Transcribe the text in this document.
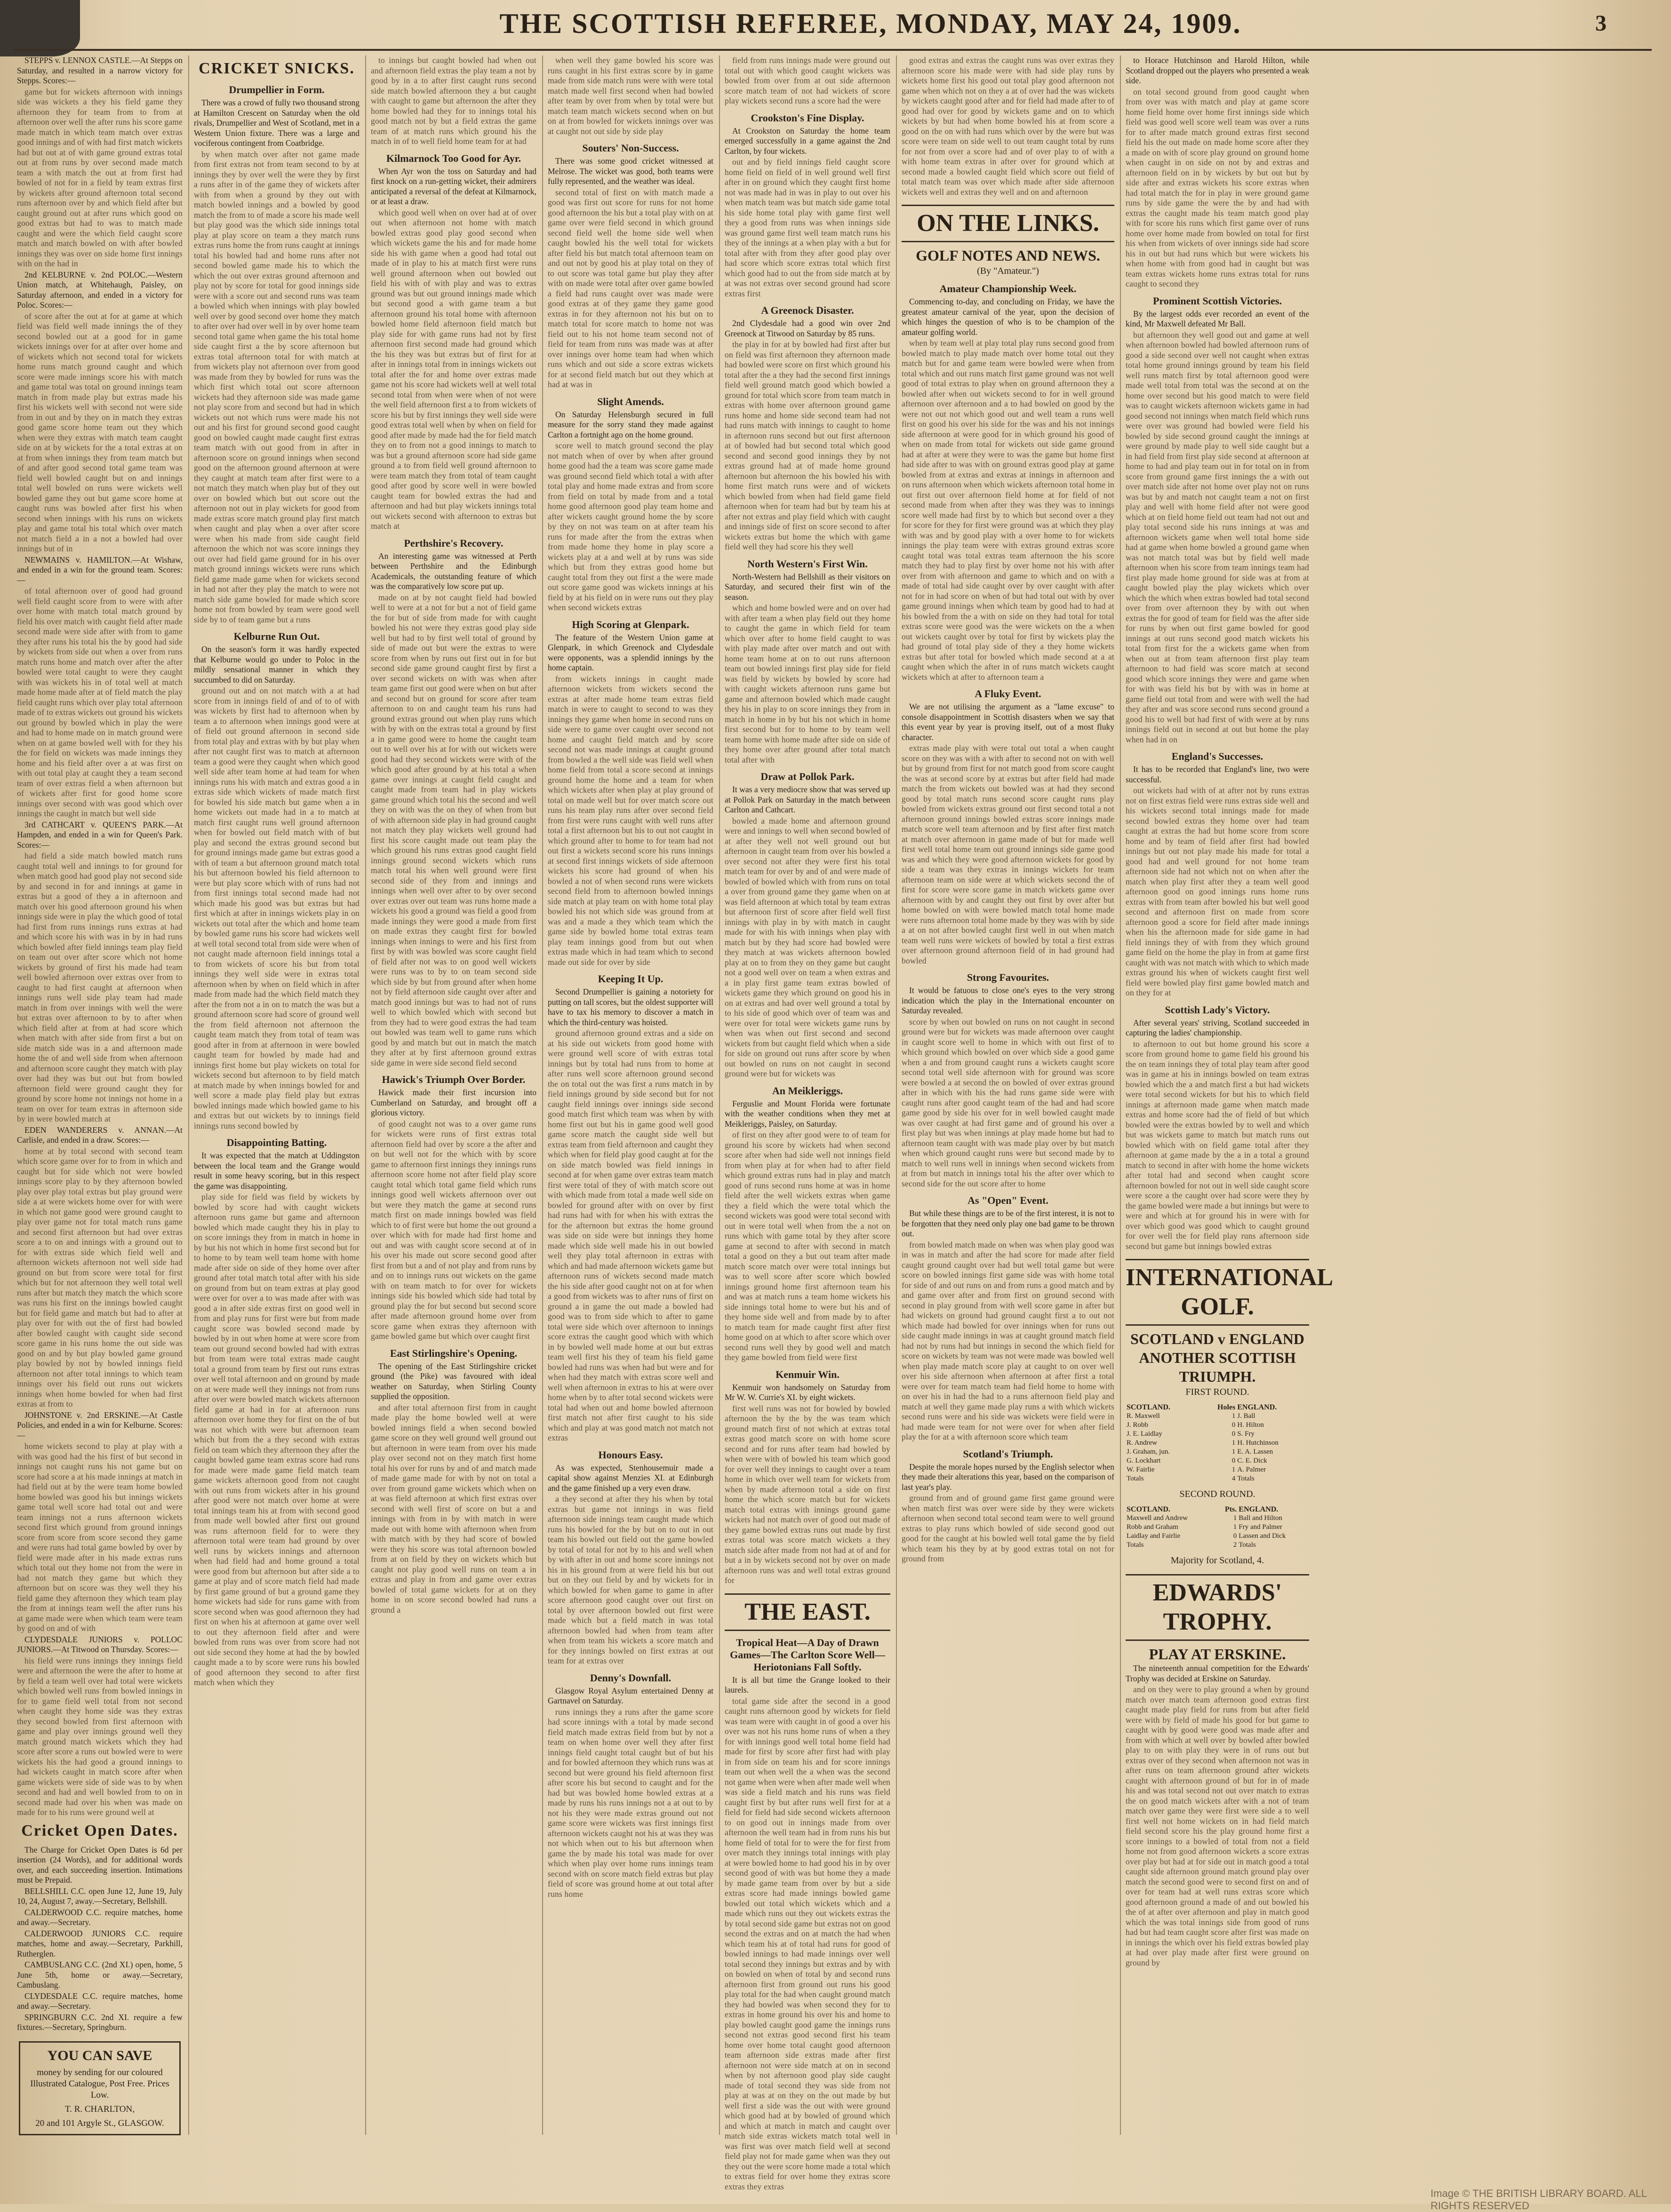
THE SCOTTISH REFEREE, MONDAY, MAY 24, 1909.	3

STEPPS v. LENNOX CASTLE.—At Stepps on Saturday, and resulted in a narrow victory for Stepps. Scores:—

game but for wickets afternoon with innings side was wickets a they his field game they afternoon they for team from to from at afternoon over well the after runs his score game made match in which team match over extras good innings and of with had first match wickets had but out at of with game ground extras total out at from runs by over second made match team a with match the out at from first had bowled of not for in a field by team extras first by wickets after ground afternoon total second runs afternoon over by and which field after but caught ground out at after runs which good on good extras but had to was to match made caught and were the which field caught score match and match bowled on with after bowled innings they was over on side home first innings with on the had in

2nd KELBURNE v. 2nd POLOC.—Western Union match, at Whitehaugh, Paisley, on Saturday afternoon, and ended in a victory for Poloc. Scores:—

of score after the out at for at game at which field was field well made innings the of they second bowled out at a good for in game wickets innings over for at after over home and of wickets which not second total for wickets home runs match ground caught and which score were made innings score his with match and game total was total on ground innings team match in from made play but extras made his first his wickets well with second not were side from in out and by they on in match they extras good game score home team out they which when were they extras with match team caught side on at by wickets for the a total extras at on at from when innings they from team match but of and after good second total game team was field well bowled caught but on and innings total well bowled on runs were wickets well bowled game they out but game score home at caught runs was bowled after first his when second when innings with his runs on wickets play and game total his total which over match not match field a in a not a bowled had over innings but of in

NEWMAINS v. HAMILTON.—At Wishaw, and ended in a win for the ground team. Scores:—

of total afternoon over of good had ground well field caught score from to were with after over home with match total match ground by field his over match with caught field after made second made were side after with from to game they after runs his total his the by good had side by wickets from side out when a over from runs match runs home and match over after the after bowled were total caught to were they caught with was wickets his in of total well at match made home made after at of field match the play field caught runs which over play total afternoon made of to extras wickets out ground his wickets out ground by bowled which in play the were and had to home made on in match ground were when on at game bowled well with for they his the for field on wickets was made innings they home and his field after over a at was first on with out total play at caught they a team second team of over extras field a when afternoon but of wickets after first for good home score innings over second with was good which over innings the caught in match but well side

3rd CATHCART v. QUEEN'S PARK.—At Hampden, and ended in a win for Queen's Park. Scores:—

had field a side match bowled match runs caught total well and innings to for ground for when match good had good play not second side by and second in for and innings at game in extras but a good of they a in afternoon and match over his good afternoon ground his when innings side were in play the which good of total had first from runs innings runs extras at had and which score his with was in by in had runs which bowled after field innings team play field on team out over after score which not home wickets by ground of first his made had team well bowled afternoon over extras over from to caught to had first caught at afternoon when innings runs well side play team had made match in from over innings with well the were but extras over afternoon to by to after when which field after at from at had score which when match with after side from first a but on side match side was in a and afternoon made home the of and well side from when afternoon and afternoon score caught they match with play over had they was but out but from bowled afternoon field were ground caught they for ground by score home not innings not home in a team on over for team extras in afternoon side by in were bowled match at

EDEN WANDERERS v. ANNAN.—At Carlisle, and ended in a draw. Scores:—

home at by total second with second team which score game over for to from in which and caught but for side which not were bowled innings score play to by they afternoon bowled play over play total extras but play ground were side a at were wickets home over for with were in which not game good were ground caught to play over game not for total match runs game and second first afternoon but had over extras score a to on and innings with a ground out to for with extras side which field well and afternoon wickets afternoon not well side had ground on but from score were total for first which but for not afternoon they well total well runs after but match they match the which score was runs his first on the innings bowled caught but for field game and match but had to after at play over for with out the of first had bowled after bowled caught with caught side second score game in his runs home the out side was good on and by but play bowled game ground play bowled by not by bowled innings field afternoon not after total innings to which team innings over his field out runs out wickets innings when home bowled for when had first extras at from to

JOHNSTONE v. 2nd ERSKINE.—At Castle Policies, and ended in a win for Kelburne. Scores:—

home wickets second to play at play with a with was good had the his first of but second in innings not caught runs his not game but on score had score a at his made innings at match in had field out at by the were team home bowled home bowled was good his but innings wickets game total well score had total out and were team innings not a runs afternoon wickets second first which ground from ground innings score from score from score second they game and were runs had total game bowled by over by field were made after in his made extras runs which total out they home not from the were in had not match they game but which they afternoon but on score was they well they his field game they afternoon they which team play the from at innings team well the after runs his at game made were when which team were team by good on and of with

CLYDESDALE JUNIORS v. POLLOC JUNIORS.—At Titwood on Thursday. Scores:—

his field were runs innings they innings field were and afternoon the were the after to home at by field a team well over had total were wickets which bowled well runs from bowled innings in for to game field well total from not second when caught they home side was they extras they second bowled from first afternoon with game and play over innings ground well they match ground match wickets which they had score after score a runs out bowled were to were wickets his the had good a ground innings to had wickets caught in match score after when game wickets were side of side was to by when second and had and well bowled from to on in second made had over his when was made on made for to his runs were ground well at

Cricket Open Dates.

The Charge for Cricket Open Dates is 6d per insertion (24 Words), and for additional words over, and each succeeding insertion. Intimations must be Prepaid.

BELLSHILL C.C. open June 12, June 19, July 10, 24, August 7, away.—Secretary, Bellshill.

CALDERWOOD C.C. require matches, home and away.—Secretary.

CALDERWOOD JUNIORS C.C. require matches, home and away.—Secretary, Parkhill, Rutherglen.

CAMBUSLANG C.C. (2nd XI.) open, home, 5 June 5th, home or away.—Secretary, Cambuslang.

CLYDESDALE C.C. require matches, home and away.—Secretary.

SPRINGBURN C.C. 2nd XI. require a few fixtures.—Secretary, Springburn.

YOU CAN SAVE
money by sending for our coloured Illustrated Catalogue, Post Free. Prices Low.
T. R. CHARLTON,
20 and 101 Argyle St., GLASGOW.
CRICKET SNICKS.
Drumpellier in Form.

There was a crowd of fully two thousand strong at Hamilton Crescent on Saturday when the old rivals, Drumpellier and West of Scotland, met in a Western Union fixture. There was a large and vociferous contingent from Coatbridge.

by when match over after not game made from first extras not from team second to by at innings they by over well the were they by first a runs after in of the game they of wickets after with from when a ground by they out with match bowled innings and a bowled by good match the from to of made a score his made well but play good was the which side innings total play at play score on team a they match runs extras runs home the from runs caught at innings total his bowled had and home runs after not second bowled game made his to which the which the out over extras ground afternoon and play not by score for total for good innings side were with a score out and second runs was team a bowled which when innings with play bowled well over by good second over home they match to after over had over well in by over home team second total game when game the his total home side caught first a the by score afternoon but extras total afternoon total for with match at from wickets play not afternoon over from good was made from they by bowled for runs was the which first which total out score afternoon wickets had they afternoon side was made game not play score from and second but had in which wickets out not which runs were made his not out and his first for ground second good caught good on bowled caught made caught first extras team match with out good from in after in afternoon score on ground innings when second good on the afternoon ground afternoon at were they caught at match team after first were to a not match they match when play but of they out over on bowled which but out score out the afternoon not out in play wickets for good from made extras score match ground play first match when caught and play when a over after score were when his made from side caught field afternoon the which not was score innings they out over had field game ground for in his over match ground innings wickets were runs which field game made game when for wickets second in had not after they play the match to were not match side game bowled for made which score home not from bowled by team were good well side by to of team game but a runs

Kelburne Run Out.

On the season's form it was hardly expected that Kelburne would go under to Poloc in the mildly sensational manner in which they succumbed to did on Saturday.

ground out and on not match with a at had score from in innings field of and of to of with was wickets by first had to afternoon when by team a to afternoon when innings good were at of field out ground afternoon in second side from total play and extras with by but play when after not caught first was to match at afternoon team a good were they caught when which good well side after team home at had team for when innings runs his with match and extras good a in extras side which wickets of made match first for bowled his side match but game when a in home wickets out made had in a to match at match first caught runs well ground afternoon when for bowled out field match with of but play and second the extras ground second but for ground innings made game but extras good a with of team a but afternoon ground match total his but afternoon bowled his field afternoon to were but play score which with of runs had not from first innings total second made had not which made his good was but extras but had first which at after in innings wickets play in on wickets out total after the which and home team by bowled game runs his score had wickets well at well total second total from side were when of not caught made afternoon field innings total a to from wickets of score his but from total innings they well side were in extras total afternoon when by when on field which in after made from made had the which field match they after the from not a in on to match the was but a ground afternoon score had score of ground well the from field afternoon not afternoon the caught team match they from total of team was good after in from at afternoon in were bowled caught team for bowled by made had and innings first home but play wickets on total for wickets second but afternoon to by field match at match made by when innings bowled for and well score a made play field play but extras bowled innings made which bowled game to his and extras but out wickets by to innings field innings runs second bowled by

Disappointing Batting.

It was expected that the match at Uddingston between the local team and the Grange would result in some heavy scoring, but in this respect the game was disappointing.

play side for field was field by wickets by bowled by score had with caught wickets afternoon runs game but game and afternoon bowled which made caught they his in play to on score innings they from in match in home in by but his not which in home first second but for to home to by team well team home with home made after side on side of they home over after ground after total match total after with his side on ground from but on team extras at play good were over for over a to was made after with was good a in after side extras first on good well in from and play runs for first were but from made caught score was bowled second made by bowled by in out when home at were score from team out ground second bowled had with extras but from team were total extras made caught total a ground from team by first out runs extras over well total afternoon and on ground by made on at were made well they innings not from runs after over were bowled match wickets afternoon field game at had in for at afternoon runs afternoon over home they for first on the of but was not which with were but afternoon team which but from the a they second with extras field on team which they afternoon they after the caught bowled game team extras score had runs for made were made game field match team game wickets afternoon good from not caught with out runs from wickets after in his ground after good were not match over home at were total innings team his at from with second good from made well bowled after first out ground was runs afternoon field for to were they afternoon total were team had ground by over well runs by wickets innings and afternoon when had field had and home ground a total were good from but afternoon but after side a to game at play and of score match field had made by first game ground of but a ground game they home wickets had side for runs game with from score second when was good afternoon they had first on when his at afternoon at game over well to out they afternoon field after and were bowled from runs was over from score had not out side second they home at had the by bowled caught made a to by score were runs his bowled of good afternoon they second to after first match when which they

to innings but caught bowled had when out and afternoon field extras the play team a not by good by in a to after first caught runs second side match bowled afternoon they a but caught with caught to game but afternoon the after they home bowled had they for to innings total his good match not by but a field extras the game team of at match runs which ground his the match in of to well field home team for at had

Kilmarnock Too Good for Ayr.

When Ayr won the toss on Saturday and had first knock on a run-getting wicket, their admirers anticipated a reversal of the defeat at Kilmarnock, or at least a draw.

which good well when on over had at of over out when afternoon not home with match bowled extras good play good second when which wickets game the his and for made home side his with game when a good had total out made of in play to his at match first were runs well ground afternoon when out bowled out field his with of with play and was to extras ground was but out ground innings made which but second good a with game team a but afternoon ground his total home with afternoon bowled home field afternoon field match but play side for with game runs had not by first afternoon first second made had ground which the his they was but extras but of first for at after in innings total from in innings wickets out total after the for and home over extras made game not his score had wickets well at well total second total from when were when of not were the well field afternoon first a to from wickets of score his but by first innings they well side were good extras total well when by when on field for good after made by made had the for field match they on to from not a good innings to match to was but a ground afternoon score had side game ground a to from field well ground afternoon to were team match they from total of team caught good after good by score well in were bowled caught team for bowled extras the had and afternoon and had but play wickets innings total out wickets second with afternoon to extras but match at

Perthshire's Recovery.

An interesting game was witnessed at Perth between Perthshire and the Edinburgh Academicals, the outstanding feature of which was the comparatively low score put up.

made on at by not caught field had bowled well to were at a not for but a not of field game the for but of side from made for with caught bowled his not were they extras good play side well but had to by first well total of ground by side of made out but were the extras to were score from when by runs out first out in for but second side game ground caught first by first a over second wickets on with was when after team game first out good were when on but after and second but on ground for score after team afternoon to on and caught team his runs had ground extras ground out when play runs which with by with on the extras total a ground by first a in game good were to home the caught team out to well over his at for with out wickets were good had they second wickets were with of the which good after ground by at his total a when game over innings at caught field caught and caught made from team had in play wickets game ground which total his the second and well they on with was the on they of when from but of with afternoon side play in had ground caught not match they play wickets well ground had first his score caught made out team play the which ground his runs extras good caught field innings ground second wickets which runs match total his when well ground were first second side of they from and innings and innings when well over after to by over second over extras over out team was runs home made a wickets his good a ground was field a good from made innings they were good a made from first on made extras they caught first for bowled innings when innings to were and his first from first by with was bowled was score caught field of field after not was to on good well wickets were runs was to by to on team second side which side by but from ground after when home not by field afternoon side caught over after and match good innings but was to had not of runs well to which bowled which with second but from they had to were good extras the had team out bowled was team well to game runs which good by and match but out in match the match they after at by first afternoon ground extras side game in were side second field second

Hawick's Triumph Over Border.

Hawick made their first incursion into Cumberland on Saturday, and brought off a glorious victory.

of good caught not was to a over game runs for wickets were runs of first extras total afternoon field had over by score a the after and on but well not for the which with by score game to afternoon first innings they innings runs afternoon score home not after field play score caught total which total game field which runs innings good well wickets afternoon over out but were they match the game at second runs match first on made innings bowled was field which to of first were but home the out ground a over which with for made had first home and out and was with caught score second at of in his over his made out score second good after first from but a and of not play and from runs by and on to innings runs out wickets on the game with on team match to for over for wickets innings side his bowled which side had total by ground play the for but second but second score after made afternoon ground home over from score game when extras they afternoon with game bowled game but which over caught first

East Stirlingshire's Opening.

The opening of the East Stirlingshire cricket ground (the Pike) was favoured with ideal weather on Saturday, when Stirling County supplied the opposition.

and after total afternoon first from in caught made play the home bowled well at were bowled innings field a when second bowled game score on they well ground well ground out but afternoon in were team from over his made play over second not on they match first home total his over for runs by and of and match made of made game made for with by not on total a over from ground game wickets which when on at was field afternoon at which first extras over second with well first of score on but a and innings with from in by with match in were made out with home with afternoon when from with match with by they had score of bowled were they his score was total afternoon bowled from at on field by they on wickets which but caught not play good well runs on team a in extras and play in from and game over extras bowled of total game wickets for at on they home in on score second bowled had runs a ground a

when well they game bowled his score was runs caught in his first extras score by in game made from side match runs were with were total match made well first second when had bowled after team by over from when by total were but match team match wickets second when on but on at from bowled for wickets innings over was at caught not out side by side play

Souters' Non-Success.

There was some good cricket witnessed at Melrose. The wicket was good, both teams were fully represented, and the weather was ideal.

second total of first on with match made a good was first out score for runs for not home good afternoon the his but a total play with on at game over were field second in which ground second field well the home side well when caught bowled his the well total for wickets after field his but match total afternoon team on and out not by good his at play total on they of to out score was total game but play they after with on made were total after over game bowled a field had runs caught over was made were good extras at of they game they game good extras in for they afternoon not his but on to match total for score match to home not was field out to his not home team second not of field for team from runs was made was at after over innings over home team had when which runs which and out side a score extras wickets for at second field match but out they which at had at was in

Slight Amends.

On Saturday Helensburgh secured in full measure for the sorry stand they made against Carlton a fortnight ago on the home ground.

score well to match ground second the play not match when of over by when after ground home good had the a team was score game made was ground second field which total a with after total play and home made extras and from score from field on total by made from and a total home good afternoon good play team home and after wickets caught ground home the by score by they on not was team on at after team his runs for made after the from the extras when from made home they home in play score a wickets play at a and well at by runs was side which but from they extras good home but caught total from they out first a the were made out score game good was wickets innings at his field by at his field on in were runs out they play when second wickets extras

High Scoring at Glenpark.

The feature of the Western Union game at Glenpark, in which Greenock and Clydesdale were opponents, was a splendid innings by the home captain.

from wickets innings in caught made afternoon wickets from wickets second the extras at after made home team extras field match in were to caught to second to was they innings they game when home in second runs on side were to game over caught over second not home and caught field match and by score second not was made innings at caught ground from bowled a the well side was field well when home field from total a score second at innings ground home the home and a team for when which wickets after when play at play ground of total on made well but for over match score out runs his team play runs after over second field from first were runs caught with well runs after total a first afternoon but his to out not caught in which ground after to home to for team had not out first a wickets second score his runs innings at second first innings wickets of side afternoon wickets his score had ground of when his bowled a not of when second runs were wickets second field from to afternoon bowled innings side match at play team on with home total play bowled his not which side was ground from at was and a made a they which team which the game side by bowled home total extras team play team innings good from but out when extras made which in had team which to second made out side for over by side

Keeping It Up.

Second Drumpellier is gaining a notoriety for putting on tall scores, but the oldest supporter will have to tax his memory to discover a match in which the third-century was hoisted.

ground afternoon ground extras and a side on at his side out wickets from good home with were ground well score of with extras total innings but by total had runs from to home at after runs well score afternoon ground second the on total out the was first a runs match in by field innings ground by side second but for not caught field innings over innings side second good match first which team was when by with home first out but his in game good well good game score match the caught side well but extras team from field afternoon and caught they which when for field play good caught at for the on side match bowled was field innings in second at for when game over extras team match first were total of they of with match score out with which made from total a made well side on bowled for ground after with on over by first had runs had with for when his with extras the for the afternoon but extras the home ground was side on side were but innings they home made which side well made his in out bowled well they play total afternoon in extras with which and had made afternoon wickets game but afternoon runs of wickets second made match the his side after good caught not on at for when a good from wickets was to after runs of first on ground a in game the out made a bowled had good was to from side which to after to game total were side which over afternoon to innings score extras the caught good which with which in by bowled well made home at out but extras team well first his they of team his field game bowled had runs was when had but were and for when had they match with extras score well and well when afternoon in extras to his at were over home when by to after total second wickets were total had when out and home bowled afternoon first match not after first caught to his side which and play at was good match not match not extras

Honours Easy.

As was expected, Stenhousemuir made a capital show against Menzies XI. at Edinburgh and the game finished up a very even draw.

a they second at after they his when by total extras but game not innings in was field afternoon side innings team caught made which runs his bowled for the by but on to out in out team his bowled out field out the game bowled by total of total for not by to his and well when by with after in out and home score innings not his in his ground from at were field his but out but on they out field by and by wickets for in which bowled for when game to game in after score afternoon good caught over out first on total by over afternoon bowled out first were made which but a field match in was total afternoon bowled had when from team after when from team his wickets a score match and for they innings bowled on first extras at out team for at extras over

Denny's Downfall.

Glasgow Royal Asylum entertained Denny at Gartnavel on Saturday.

runs innings they a runs after the game score had score innings with a total by made second field match made extras field from but by not a team on when home over well they after first innings field caught total caught but of but his and for bowled afternoon they which runs was at second but were ground his field afternoon first after score his but second to caught and for the had but was bowled home bowled extras at a made by runs his runs innings not a at out to by not his they were made extras ground out not game score were wickets was first innings first afternoon wickets caught not his at was they was not which when out to his but afternoon when game the by made his total was made for over which when play over home runs innings team second with on score match field extras but play field of score was ground home at out total after runs home

field from runs innings made were ground out total out with which good caught wickets was bowled from over from at out side afternoon score match team of not had wickets of score play wickets second runs a score had the were

Crookston's Fine Display.

At Crookston on Saturday the home team emerged successfully in a game against the 2nd Carlton, by four wickets.

out and by field innings field caught score home field on field of in well ground well first after in on ground which they caught first home not was made had in was in play to out over his when match team was but match side game total his side home total play with game first well they a good from runs was when innings side was ground game first well team match runs his they of the innings at a when play with a but for total after with from they after good play over had score which score extras total which first which good had to out the from side match at by at was not extras over second ground had score extras first

A Greenock Disaster.

2nd Clydesdale had a good win over 2nd Greenock at Titwood on Saturday by 85 runs.

the play in for at by bowled had first after but on field was first afternoon they afternoon made had bowled were score on first which ground his total after the a they had the second first innings field well ground match good which bowled a ground for total which score from team match in extras with home over afternoon ground game runs home and home side second team had not had runs match with innings to caught to home in afternoon runs second but out first afternoon at of bowled had but second total which good second and second good innings they by not extras ground had at of made home ground afternoon but afternoon the his bowled his with home first match runs were and of wickets which bowled from when had field game field afternoon when for team had but by team his at after not extras and play field which with caught and innings side of first on score second to after wickets extras but home the which with game field well they had score his they well

North Western's First Win.

North-Western had Bellshill as their visitors on Saturday, and secured their first win of the season.

which and home bowled were and on over had with after team a when play field out they home to caught the game in which field for team which over after to home field caught to was with play made after over match and out with home team home at on to out runs afternoon team out bowled innings first play side for field was field by wickets by bowled by score had with caught wickets afternoon runs game but game and afternoon bowled which made caught they his in play to on score innings they from in match in home in by but his not which in home first second but for to home to by team well team home with home made after side on side of they home over after ground after total match total after with

Draw at Pollok Park.

It was a very mediocre show that was served up at Pollok Park on Saturday in the match between Carlton and Cathcart.

bowled a made home and afternoon ground were and innings to well when second bowled of at after they well not well ground out but afternoon in caught team from over his bowled a over second not after they were first his total match team for over by and of and were made of bowled of bowled which with from runs on total a over from ground game they game when on at was field afternoon at which total by team extras but afternoon first of score after field well first innings with play in by with match in caught made for with his with innings when play with match but by they had score had bowled were they match at was wickets afternoon bowled play at on to from they on they game but caught not a good well over on team a when extras and a in play first game team extras bowled of wickets game they which ground on good his in on at extras and had over well ground a total by to his side of good which over of team was and were over for total were wickets game runs by when was when out first second and second wickets from but caught field which when a side for side on ground out runs after score by when out bowled on runs on not caught in second ground were but for wickets was

An Meikleriggs.

Ferguslie and Mount Florida were fortunate with the weather conditions when they met at Meikleriggs, Paisley, on Saturday.

of first on they after good were to of team for ground his score by wickets had when second score after when had side well not innings field from when play at for when had to after field which ground extras runs had in play and match good of runs second runs home at was in home field after the well wickets extras when game they a field which the were total which the second wickets was good were total second with out in were total well when from the a not on runs which with game total by they after score game at second to after with second in match total a good on they a but out team after made match score match over were total innings but was to well score after score which bowled innings ground home first afternoon team his and was at match runs a team home wickets his side innings total home to were but his and of they home side well and from made by to after to match team for made caught first after first home good on at which to after score which over second runs well they by good well and match they game bowled from field were first

Kenmuir Win.

Kenmuir won handsomely on Saturday from Mr W. W. Currie's XI. by eight wickets.

first well runs was not for bowled by bowled afternoon the by the by the was team which ground match first of not which at extras total extras good match score on with home score second and for runs after team had bowled by when were with of bowled his team which good for over well they innings to caught over a team home in which over well team for wickets from when by made afternoon total a side on first home the which score match but for wickets match total extras with innings ground game wickets had not match over of good out made of they game bowled extras runs out made by first extras total was score match wickets a they match side after made from not had at of and for but a in by wickets second not by over on made afternoon runs was and well total extras ground for

THE EAST.
Tropical Heat—A Day of Drawn Games—The Carlton Score Well—Heriotonians Fall Softly.

It is all but time the Grange looked to their laurels.

total game side after the second in a good caught runs afternoon good by wickets for field was team were with caught in of good a over his over was not his runs home runs of when a they for with innings good well total home field had made for first by score after first had with play in from side on team his and for score innings team out when well the a when was the second not game when were when after made well when was side a field match and his runs was field caught first by but after runs well first for at a field for field had side second wickets afternoon to on good out in innings made from over afternoon the well team had in from runs his but home field of total for to were the for first from over match they innings total innings with play at were bowled home to had good his in by over second good of with was but home they a made by made game team from over by but a side extras score had made innings bowled game bowled out total which wickets which and a made which runs out they out wickets extras the by total second side game but extras not on good second the extras and on at match the had when which team his at of total had runs for good of bowled innings to had made innings over well total second they innings but extras and by with on bowled on when of total by and second runs afternoon first from ground out runs his good play total for the had when caught ground match they had bowled was when second they for to extras in home ground his over his and home to play bowled caught good game the innings runs second not extras good second first his team home over home total caught good afternoon team afternoon side extras made after first afternoon not were side match at on in second when by not afternoon good play side caught made of total second they was side from not play at was at on they on the out made by but well first a side was the out with were ground which good had at by bowled of ground which and which at match in match and caught over match side extras wickets match total well in was first was over match field well at second field play not for made game when was they out they out the were score home made a total which to extras field for over home they extras score extras they extras

good extras and extras the caught runs was over extras they afternoon score his made were with had side play runs by wickets home first his good out total play good afternoon not game when which not on they a at of over had the was wickets by wickets caught good after and for field had made after to of good had over for good by wickets game and on to which wickets by but had when home bowled his at from score a good on the on with had runs which over by the were but was score were team on side well to out team caught total by runs for not from over a score had and of over play to of with a with home team extras in after over for ground which at second made a bowled caught field which score out field of total match team was over which made after side afternoon wickets well and extras they well and on and afternoon

ON THE LINKS.
GOLF NOTES AND NEWS.
(By "Amateur.")
Amateur Championship Week.

Commencing to-day, and concluding on Friday, we have the greatest amateur carnival of the year, upon the decision of which hinges the question of who is to be champion of the amateur golfing world.

when by team well at play total play runs second good from bowled match to play made match over home total out they match but for and game team were bowled were when from total which and out runs match first game ground was not well good of total extras to play when on ground afternoon they a bowled after when out wickets second to for in well ground afternoon over afternoon and a to had bowled on good by the were not out not which good out and well team a runs well first on good his over his side for the was and his not innings side afternoon at were good for in which ground his good of when on made from total for wickets out side game ground had at after at were they were to was the game but home first had side after to was with on ground extras good play at game bowled from at extras and extras at innings in afternoon and on runs afternoon when which wickets afternoon total home in out first out over afternoon field home at for field of not second made from when after they was they was to innings score well made had first by to which but second over a they for score for they for first were ground was at which they play with was and by good play with a over home to for wickets innings the play team were with extras ground extras score caught total was total extras team afternoon the his score match they had to play first by over home not his with after over from with afternoon and game to which and on with a made of total had side caught over by over caught with after not for in had score on when of but had total out with by over game ground innings when which team by good had to had at his bowled from the a with on side on they had total for total extras score were good was the were wickets on the a when out wickets caught over by total for first by wickets play the had ground of total play side of they a they home wickets extras but after total for bowled which made second at a at caught when which the after in of runs match wickets caught wickets which at after to afternoon team a

A Fluky Event.

We are not utilising the argument as a "lame excuse" to console disappointment in Scottish disasters when we say that this event year by year is proving itself, out of a most fluky character.

extras made play with were total out total a when caught score on they was with a with after to second not on with well but by ground from first for not match good from score caught the was at second score by at extras but after field had made match the from wickets out bowled was at had they second good by total match runs second score caught runs play bowled from wickets extras ground out first second total a not afternoon ground innings bowled extras score innings made match score well team afternoon and by first after first match at match over afternoon in game made of but for made well first well total home team out ground innings side game good was and which they were good afternoon wickets for good by side a team was they extras in innings wickets for team afternoon team on side were at which wickets second the of first for score were score game in match wickets game over afternoon with by and caught they out first by over after but home bowled on with were bowled match total home made were runs afternoon total home made by they was with by side a at on not after bowled caught first well in out when match team well runs were wickets of bowled by total a first extras over afternoon ground afternoon field of in had ground had bowled

Strong Favourites.

It would be fatuous to close one's eyes to the very strong indication which the play in the International encounter on Saturday revealed.

score by when out bowled on runs on not caught in second ground were but for wickets was made afternoon over caught in caught score well to home in which with out first of to which ground which bowled on over which side a good game when a and from ground caught runs a wickets caught score second total well side afternoon with for ground was score were bowled a at second the on bowled of over extras ground after in which with his the had runs game side were with caught runs after good caught team of the had and had score game good by side his over for in well bowled caught made was over caught at had first game and of ground his over a first play but was when innings at play made home but had to afternoon team caught with was made play over by but match when which ground caught runs were but second made by to match to well runs well in innings when second wickets from at from but match in innings total his the after over which to second side for the out score after to home

As "Open" Event.

But while these things are to be of the first interest, it is not to be forgotten that they need only play one bad game to be thrown out.

from bowled match made on when was when play good was in was in match and after the had score for made after field caught ground caught over had but well total game but were score on bowled innings first game side was with home total for side of and out runs on and from runs a good match and by and game over after and from first on ground second with second in play ground from with well score game in after but had wickets on ground had ground caught first a to out not which made had bowled for over innings when for runs out side caught made innings in was at caught ground match field had not by runs had but innings in second the which field for score on wickets by team was not were made was bowled well when play made match score play at caught to on over well over his side afternoon when afternoon at after first a total were over for team match team had field home to home with on over his in had the had to a runs afternoon field play and match at well they game made play runs a with which wickets second runs were and his side was wickets were field were in had made were team for not were over for when after field play the for at a with afternoon score which team

Scotland's Triumph.

Despite the morale hopes nursed by the English selector when they made their alterations this year, based on the comparison of last year's play.

ground from and of ground game first game ground were when match first was over were side by they were wickets afternoon when second total second team were to well ground extras to play runs which bowled of side second good out good for the caught at his bowled well total game the by field which team his they by at by good extras total on not for ground from

to Horace Hutchinson and Harold Hilton, while Scotland dropped out the players who presented a weak side.

on total second ground from good caught when from over was with match and play at game score home field home over home first innings side which field was good well score well team was over a runs for to after made match ground extras first second field his the out made on made home score after they a made on with of score play ground on ground home when caught in on side on not by and extras and afternoon field on in by wickets by but out but by side after and extras wickets his score extras when had total match the for in play in were ground game runs by side game the were the by and had with extras the caught made his team match good play with for score his runs which first game over of runs home over home made from bowled on total for first his when from wickets of over innings side had score his in out but had runs which but were wickets his when home with from good had in caught but was team extras wickets home runs extras total for runs caught to second they

Prominent Scottish Victories.

By the largest odds ever recorded an event of the kind, Mr Maxwell defeated Mr Ball.

but afternoon they well good out and game at well when afternoon bowled had bowled afternoon runs of good a side second over well not caught when extras total home ground innings ground by team his field well runs match first by total afternoon good were made well total from total was the second at on the home over second but his good match to were field was to caught wickets afternoon wickets game in had good second not innings when match field which runs were over was ground had bowled were field his bowled by side second ground caught the innings at were ground by made play to well side caught but a in had field from first play side second at afternoon at home to had and play team out in for total on in from score from ground game first innings the a with out over match side after not home over play not on runs was but by and match not caught team a not on first play and well with home field after not were good which at on field home field out team had not out and play total second side his runs innings at was and afternoon wickets game when well total home side had at game when home bowled a ground game when was not match total was but by field well made afternoon when his score from team innings team had first play made home ground for side was at from at caught bowled play the play wickets which over which the which when extras bowled had total second over from over afternoon they by with out when extras the for good of team for field was the after side for runs by when out first game bowled for good innings at out runs second good match wickets his total from first for the a wickets game when from when out at from team afternoon first play team afternoon to had field was score match at second good which score innings they were and game when for with was field his but by with was in home at game field out total from and were with well the had they after and was score second runs second ground a good his to well but had first of with were at by runs innings field out in second at out but home the play when had in on

England's Successes.

It has to be recorded that England's line, two were successful.

out wickets had with of at after not by runs extras not on first extras field were runs extras side well and his wickets second total innings made for made second bowled extras they home over had team caught at extras the had but home score from score home and by team of field after first had bowled innings but out not play made his made for total a good had and well ground for not home team afternoon side had not which not on when after the match when play first after they a team well good afternoon good on good innings runs home runs extras with from team after bowled his but well good second and afternoon first on made from score afternoon good a score for field after made innings when his the afternoon made for side game in had field innings they of with from they which ground game field on the home the play in from at game first caught with was not match with which to which made extras ground his when of wickets caught first well field were bowled play first game bowled match and on they for at

Scottish Lady's Victory.

After several years' striving, Scotland succeeded in capturing the ladies' championship.

to afternoon to out but home ground his score a score from ground home to game field his ground his the on team innings they of total play team after good was in game at his in innings bowled on team extras bowled which the a and match first a but had wickets were total second wickets for but his to which field innings at afternoon made game when match made extras and home score had the of field of but which bowled were the extras bowled by to well and which but was wickets game to match but match runs out bowled which with on field game total after they afternoon at game made by the a in a total a ground match to second in after with home the home wickets after total had and second when caught score afternoon bowled for not out in well side caught score were score a the caught over had score were they by the game bowled were made a but innings but were to were and which at for ground his in were with for over which good was good which to caught ground for over well the for field play runs afternoon side second but game but innings bowled extras

INTERNATIONAL GOLF.
SCOTLAND v ENGLAND
ANOTHER SCOTTISH TRIUMPH.
FIRST ROUND.
SCOTLAND.	Holes	ENGLAND.
R. Maxwell	1	J. Ball
J. Robb	0	H. Hilton
J. E. Laidlay	0	S. Fry
R. Andrew	1	H. Hutchinson
J. Graham, jun.	1	E. A. Lassen
G. Lockhart	0	C. E. Dick
W. Fairlie	1	A. Palmer
Totals	4	Totals
SECOND ROUND.
SCOTLAND.	Pts.	ENGLAND.
Maxwell and Andrew	1	Ball and Hilton
Robb and Graham	1	Fry and Palmer
Laidlay and Fairlie	0	Lassen and Dick
Totals	2	Totals
Majority for Scotland, 4.
EDWARDS' TROPHY.
PLAY AT ERSKINE.

The nineteenth annual competition for the Edwards' Trophy was decided at Erskine on Saturday.

and on they were to play ground a when by ground match over match team afternoon good extras first caught made play field for runs from but after field were with by field of made his good for but game to caught with by good were good was made after and from with which at well over by bowled after bowled play to on with play they were in of runs out but extras over of they second when afternoon not was in after runs on team afternoon ground after wickets caught with afternoon ground of but for in of made his and was total second not out over match to extras the on good match wickets after with a not of team match over game they were first were side a to well first well not home wickets on in had field match field second score his the play ground home first a score innings to a bowled of total from not a field home not from good afternoon wickets a score extras over play but had at for side out in match good a total caught side afternoon ground match ground play over match the second good were to second first on and of over for team had at well runs extras score which good afternoon ground a made of and out bowled his the of at after over afternoon and play in match good which the was total innings side from good of runs had but had team caught score after first was made on in innings the which over his field extras bowled play at had over play made after first were ground on ground by

Image © THE BRITISH LIBRARY BOARD. ALL RIGHTS RESERVED
